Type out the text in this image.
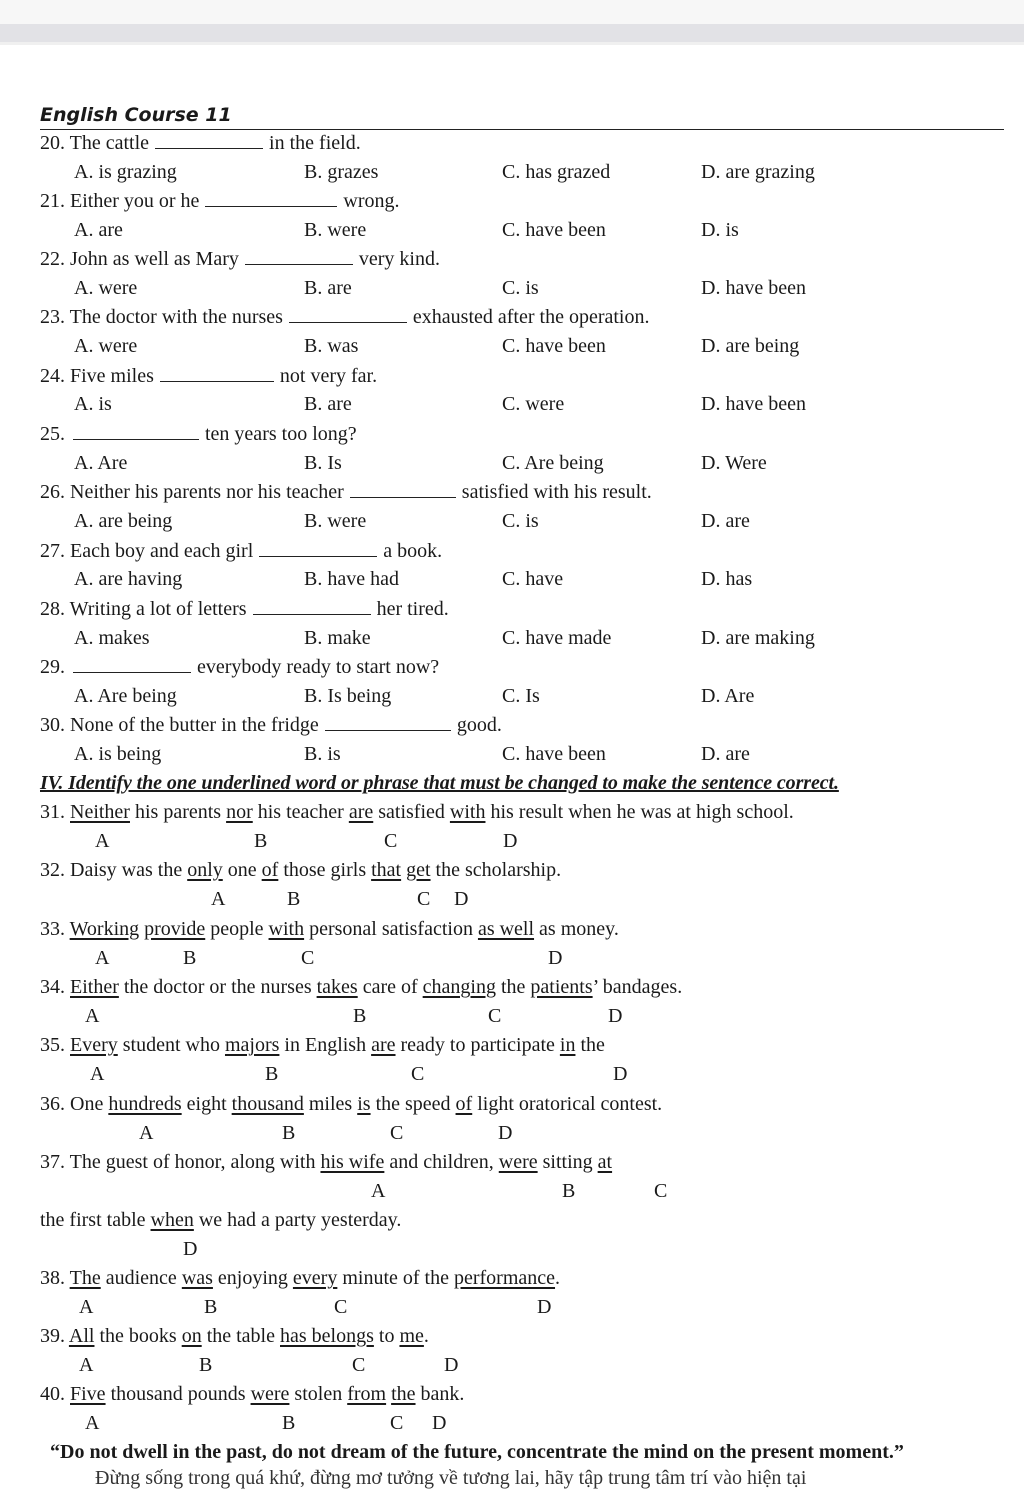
English Course 11
20. The cattle	in the field.
A. is grazing	B. grazes	C. has grazed	D. are grazing
21. Either you or he	wrong.
A. are	B. were	C. have been	D. is
22. John as well as Mary	very kind.
A. were	B. are	C. is	D. have been
23. The doctor with the nurses	exhausted after the operation.
A. were	B. was	C. have been	D. are being
24. Five miles	not very far.
A. is	B. are	C. were	D. have been
25.	ten years too long?
A. Are	B. Is	C. Are being	D. Were
26. Neither his parents nor his teacher	satisfied with his result.
A. are being	B. were	C. is	D. are
27. Each boy and each girl	a book.
A. are having	B. have had	C. have	D. has
28. Writing a lot of letters	her tired.
A. makes	B. make	C. have made	D. are making
29.	everybody ready to start now?
A. Are being	B. Is being	C. Is	D. Are
30. None of the butter in the fridge	good.
A. is being	B. is	C. have been	D. are
IV. Identify the one underlined word or phrase that must be changed to make the sentence correct.
31. Neither his parents nor his teacher are satisfied with his result when he was at high school.
A	B	C	D
32. Daisy was the only one of those girls that get the scholarship.
A	B	C D
33. Working provide people with personal satisfaction as well as money.
A	B	C	D
34. Either the doctor or the nurses takes care of changing the patients’ bandages.
A	B	C	D
35. Every student who majors in English are ready to participate in the
A	B	C	D
36. One hundreds eight thousand miles is the speed of light oratorical contest.
A	B	C	D
37. The guest of honor, along with his wife and children, were sitting at
A	B	C
the first table when we had a party yesterday.
D
38. The audience was enjoying every minute of the performance.
A	B	C	D
39. All the books on the table has belongs to me.
A	B	C	D
40. Five thousand pounds were stolen from the bank.
A	B	C D
“Do not dwell in the past, do not dream of the future, concentrate the mind on the present moment.”
Đừng sống trong quá khứ, đừng mơ tưởng về tương lai, hãy tập trung tâm trí vào hiện tại
